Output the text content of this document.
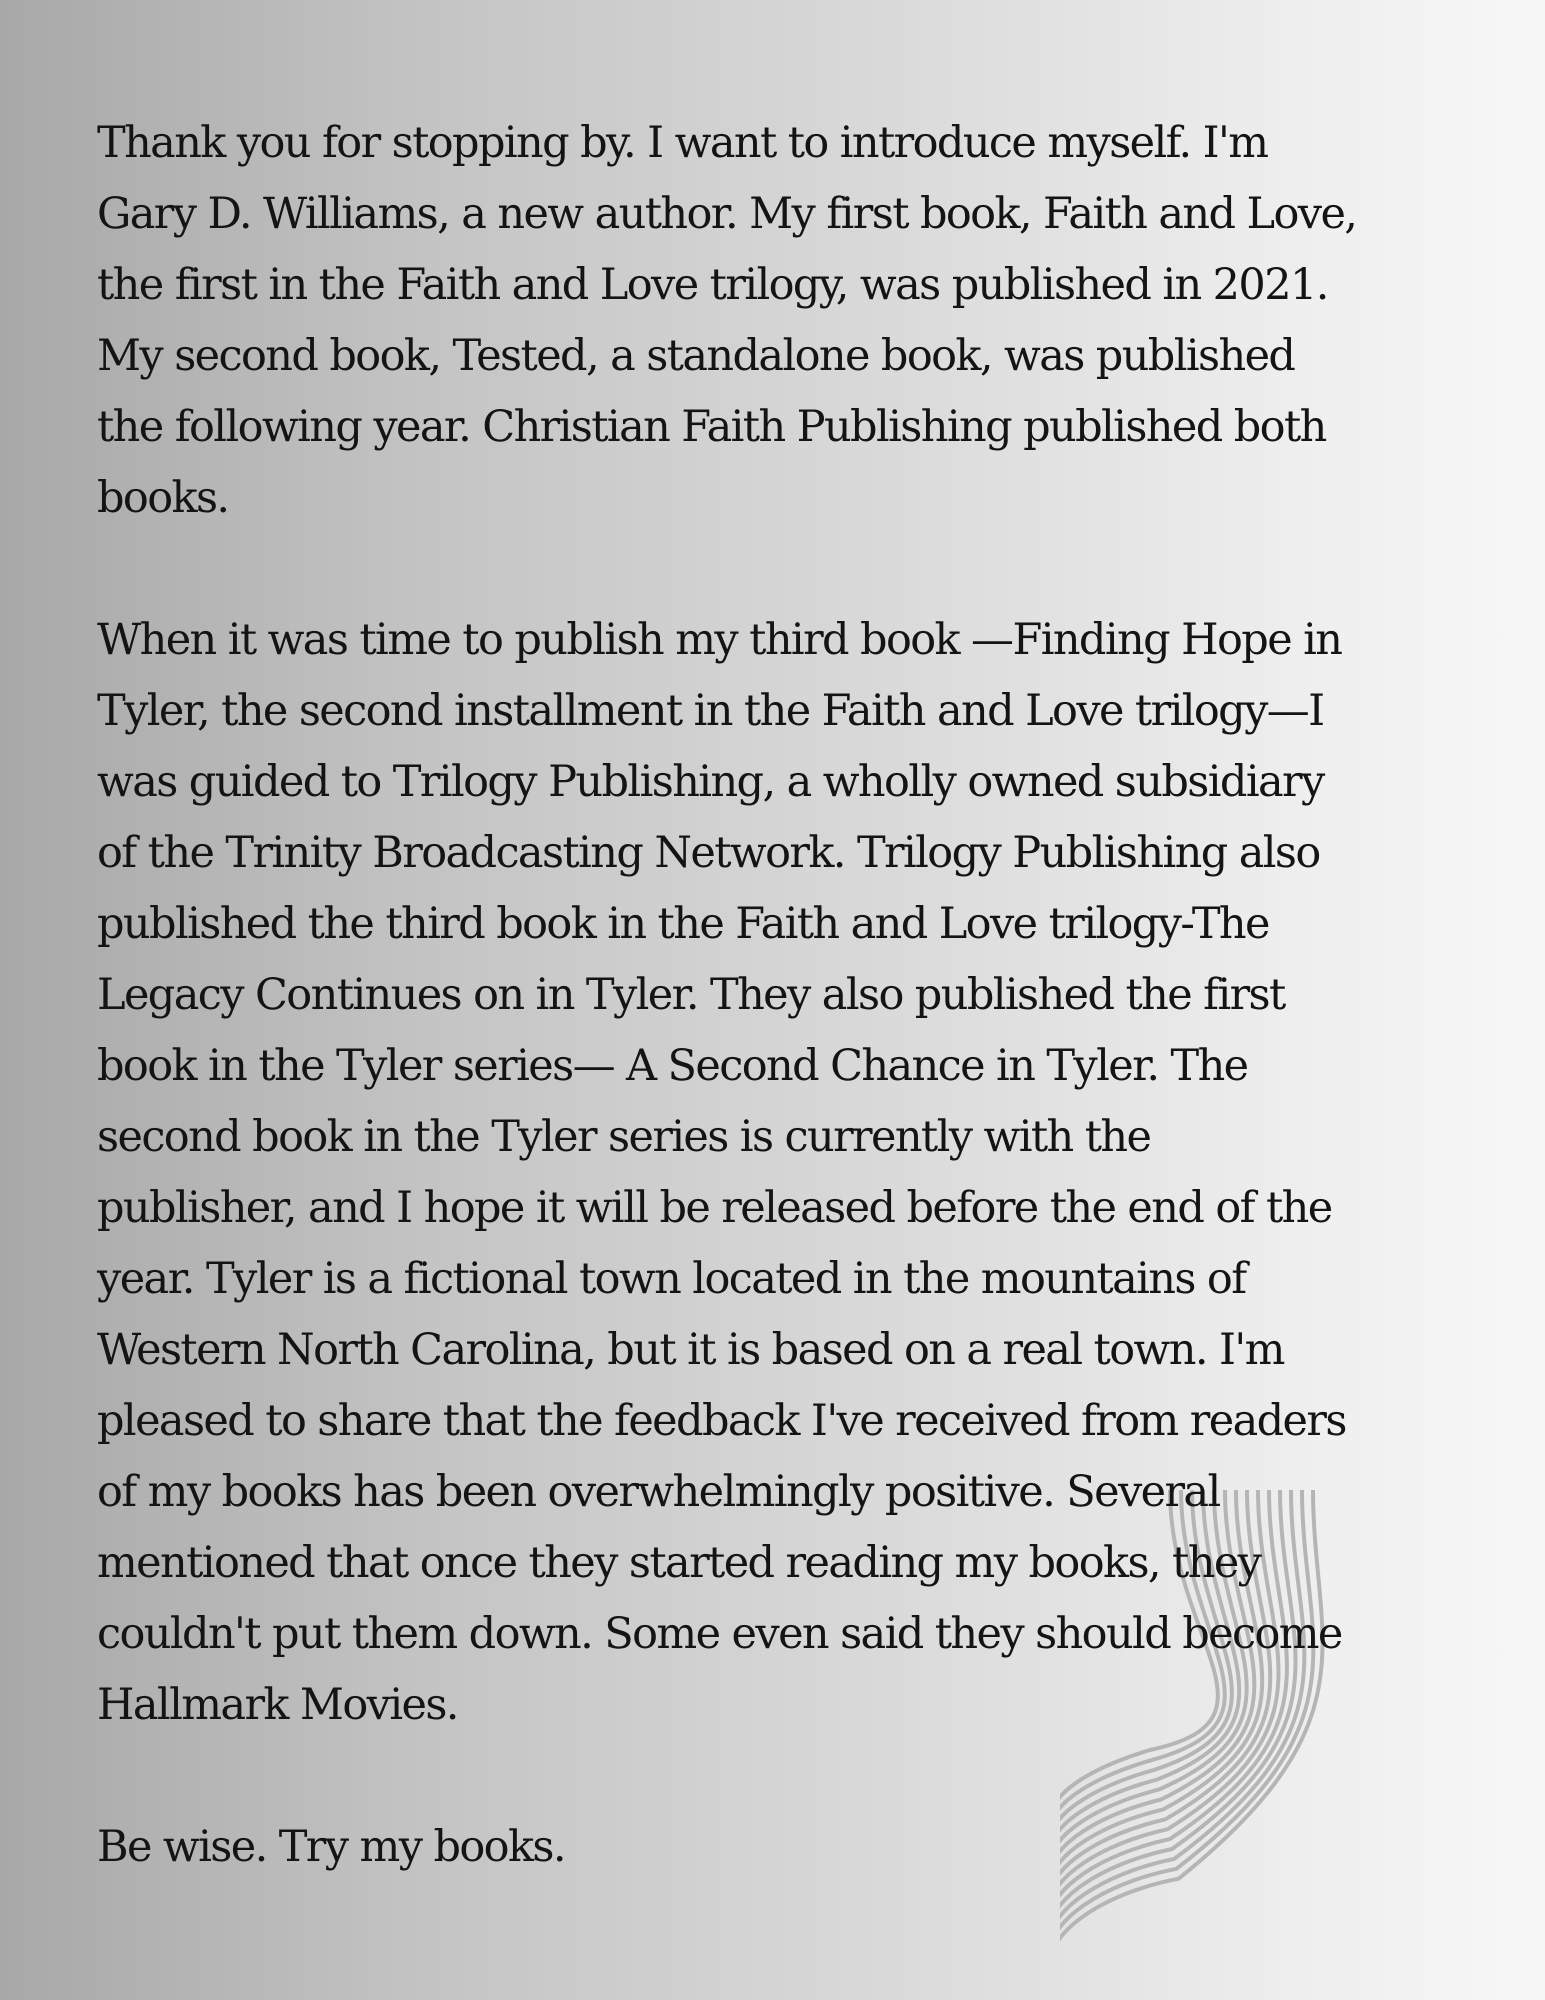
Thank you for stopping by. I want to introduce myself. I'm
Gary D. Williams, a new author. My first book, Faith and Love,
the first in the Faith and Love trilogy, was published in 2021.
My second book, Tested, a standalone book, was published
the following year. Christian Faith Publishing published both
books.

When it was time to publish my third book —Finding Hope in
Tyler, the second installment in the Faith and Love trilogy—I
was guided to Trilogy Publishing, a wholly owned subsidiary
of the Trinity Broadcasting Network. Trilogy Publishing also
published the third book in the Faith and Love trilogy-The
Legacy Continues on in Tyler. They also published the first
book in the Tyler series— A Second Chance in Tyler. The
second book in the Tyler series is currently with the
publisher, and I hope it will be released before the end of the
year. Tyler is a fictional town located in the mountains of
Western North Carolina, but it is based on a real town. I'm
pleased to share that the feedback I've received from readers
of my books has been overwhelmingly positive. Several
mentioned that once they started reading my books, they
couldn't put them down. Some even said they should become
Hallmark Movies.

Be wise. Try my books.
